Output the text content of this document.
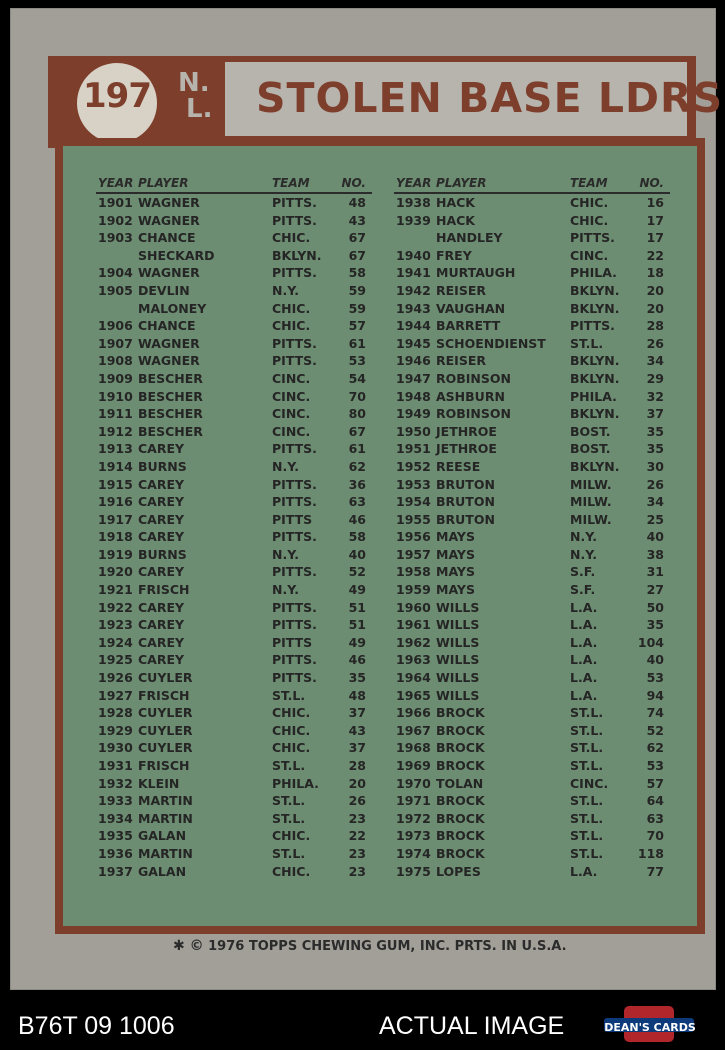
197	N.
L. STOLEN BASE LDRS
YEAR PLAYER	TEAM	NO.
1901 WAGNER	PITTS.	48
1902 WAGNER	PITTS.	43
1903 CHANCE	CHIC.	67
SHECKARD	BKLYN. 67
1904 WAGNER	PITTS.	58
1905 DEVLIN	N.Y.	59
MALONEY	CHIC.	59
1906 CHANCE	CHIC.	57
1907 WAGNER	PITTS.	61
1908 WAGNER	PITTS.	53
1909 BESCHER	CINC.	54
1910 BESCHER	CINC.	70
1911 BESCHER	CINC.	80
1912 BESCHER	CINC.	67
1913 CAREY	PITTS.	61
1914 BURNS	N.Y.	62
1915 CAREY	PITTS.	36
1916 CAREY	PITTS.	63
1917 CAREY	PITTS	46
1918 CAREY	PITTS.	58
1919 BURNS	N.Y.	40
1920 CAREY	PITTS.	52
1921 FRISCH	N.Y.	49
1922 CAREY	PITTS.	51
1923 CAREY	PITTS.	51
1924 CAREY	PITTS	49
1925 CAREY	PITTS.	46
1926 CUYLER	PITTS.	35
1927 FRISCH	ST.L.	48
1928 CUYLER	CHIC.	37
1929 CUYLER	CHIC.	43
1930 CUYLER	CHIC.	37
1931 FRISCH	ST.L.	28
1932 KLEIN	PHILA. 20
1933 MARTIN	ST.L.	26
1934 MARTIN	ST.L.	23
1935 GALAN	CHIC.	22
1936 MARTIN	ST.L.	23
1937 GALAN	CHIC.	23
YEAR PLAYER	TEAM	NO.
1938 HACK	CHIC.	16
1939 HACK	CHIC.	17
HANDLEY	PITTS.	17
1940 FREY	CINC.	22
1941 MURTAUGH	PHILA. 18
1942 REISER	BKLYN. 20
1943 VAUGHAN	BKLYN. 20
1944 BARRETT	PITTS.	28
1945 SCHOENDIENST ST.L.	26
1946 REISER	BKLYN. 34
1947 ROBINSON	BKLYN. 29
1948 ASHBURN	PHILA. 32
1949 ROBINSON	BKLYN. 37
1950 JETHROE	BOST.	35
1951 JETHROE	BOST.	35
1952 REESE	BKLYN. 30
1953 BRUTON	MILW.	26
1954 BRUTON	MILW.	34
1955 BRUTON	MILW.	25
1956 MAYS	N.Y.	40
1957 MAYS	N.Y.	38
1958 MAYS	S.F.	31
1959 MAYS	S.F.	27
1960 WILLS	L.A.	50
1961 WILLS	L.A.	35
1962 WILLS	L.A.	104
1963 WILLS	L.A.	40
1964 WILLS	L.A.	53
1965 WILLS	L.A.	94
1966 BROCK	ST.L.	74
1967 BROCK	ST.L.	52
1968 BROCK	ST.L.	62
1969 BROCK	ST.L.	53
1970 TOLAN	CINC.	57
1971 BROCK	ST.L.	64
1972 BROCK	ST.L.	63
1973 BROCK	ST.L.	70
1974 BROCK	ST.L.	118
1975 LOPES	L.A.	77
✱ © 1976 TOPPS CHEWING GUM, INC. PRTS. IN U.S.A.
B76T 09 1006	ACTUAL IMAGE	DEAN'S CARDS
